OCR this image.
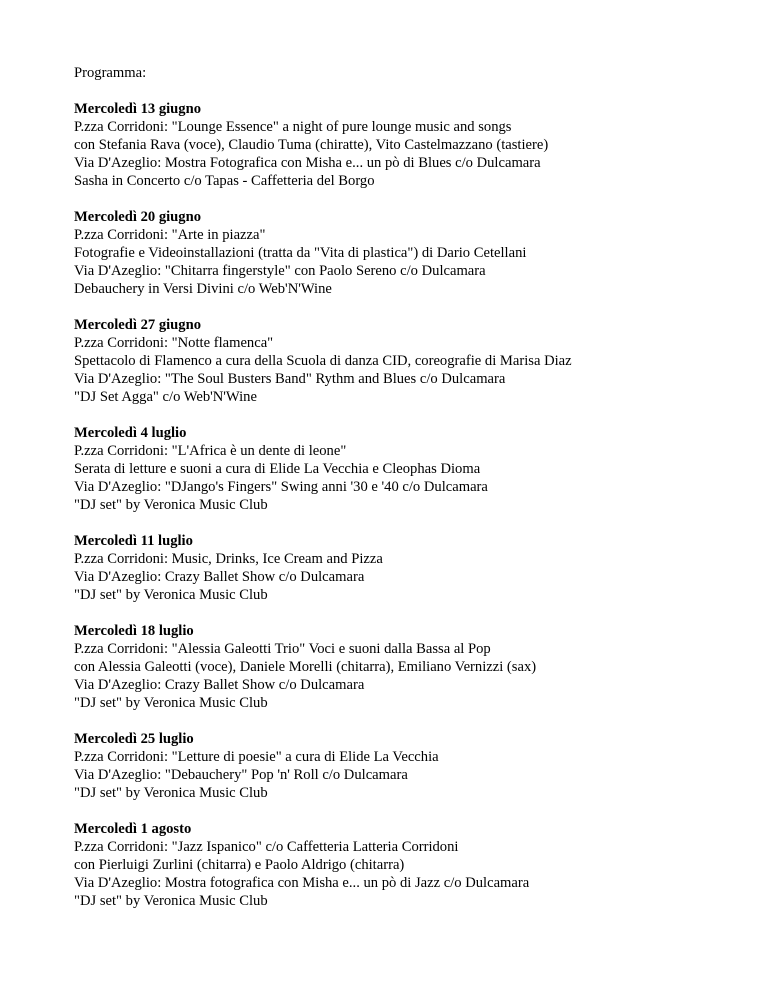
Programma:
Mercoledì 13 giugno
P.zza Corridoni: "Lounge Essence" a night of pure lounge music and songs
con Stefania Rava (voce), Claudio Tuma (chiratte), Vito Castelmazzano (tastiere)
Via D'Azeglio: Mostra Fotografica con Misha e... un pò di Blues c/o Dulcamara
Sasha in Concerto c/o Tapas - Caffetteria del Borgo
Mercoledì 20 giugno
P.zza Corridoni: "Arte in piazza"
Fotografie e Videoinstallazioni (tratta da "Vita di plastica") di Dario Cetellani
Via D'Azeglio: "Chitarra fingerstyle" con Paolo Sereno c/o Dulcamara
Debauchery in Versi Divini c/o Web'N'Wine
Mercoledì 27 giugno
P.zza Corridoni: "Notte flamenca"
Spettacolo di Flamenco a cura della Scuola di danza CID, coreografie di Marisa Diaz
Via D'Azeglio: "The Soul Busters Band" Rythm and Blues c/o Dulcamara
"DJ Set Agga" c/o Web'N'Wine
Mercoledì 4 luglio
P.zza Corridoni: "L'Africa è un dente di leone"
Serata di letture e suoni a cura di Elide La Vecchia e Cleophas Dioma
Via D'Azeglio: "DJango's Fingers" Swing anni '30 e '40 c/o Dulcamara
"DJ set" by Veronica Music Club
Mercoledì 11 luglio
P.zza Corridoni: Music, Drinks, Ice Cream and Pizza
Via D'Azeglio: Crazy Ballet Show c/o Dulcamara
"DJ set" by Veronica Music Club
Mercoledì 18 luglio
P.zza Corridoni: "Alessia Galeotti Trio" Voci e suoni dalla Bassa al Pop
con Alessia Galeotti (voce), Daniele Morelli (chitarra), Emiliano Vernizzi (sax)
Via D'Azeglio: Crazy Ballet Show c/o Dulcamara
"DJ set" by Veronica Music Club
Mercoledì 25 luglio
P.zza Corridoni: "Letture di poesie" a cura di Elide La Vecchia
Via D'Azeglio: "Debauchery" Pop 'n' Roll c/o Dulcamara
"DJ set" by Veronica Music Club
Mercoledì 1 agosto
P.zza Corridoni: "Jazz Ispanico" c/o Caffetteria Latteria Corridoni
con Pierluigi Zurlini (chitarra) e Paolo Aldrigo (chitarra)
Via D'Azeglio: Mostra fotografica con Misha e... un pò di Jazz c/o Dulcamara
"DJ set" by Veronica Music Club
